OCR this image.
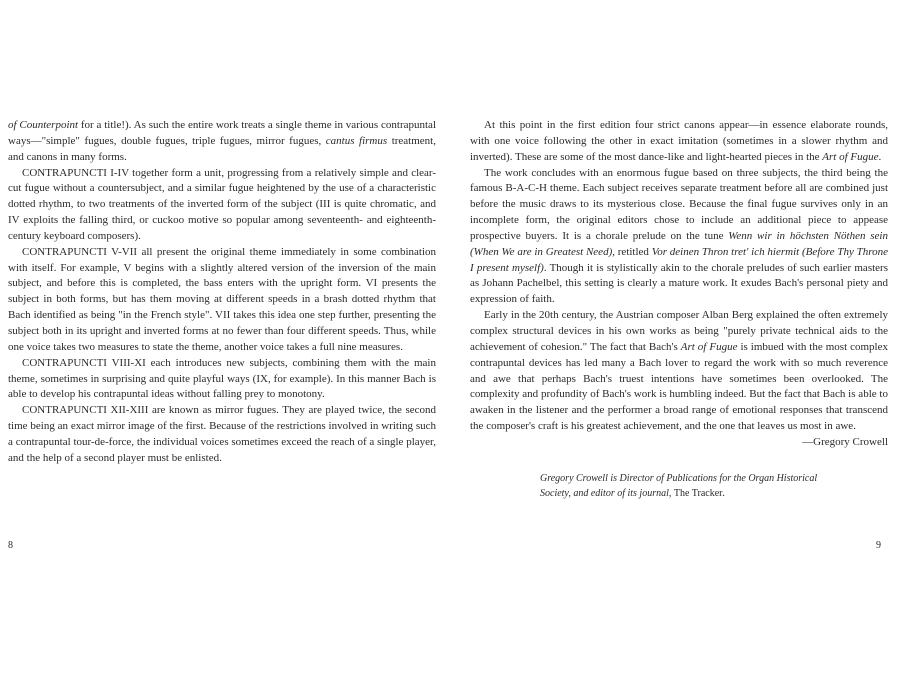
of Counterpoint for a title!). As such the entire work treats a single theme in various contrapuntal ways—"simple" fugues, double fugues, triple fugues, mirror fugues, cantus firmus treatment, and canons in many forms.

CONTRAPUNCTI I-IV together form a unit, progressing from a relatively simple and clear-cut fugue without a countersubject, and a similar fugue heightened by the use of a characteristic dotted rhythm, to two treatments of the inverted form of the subject (III is quite chromatic, and IV exploits the falling third, or cuckoo motive so popular among seventeenth- and eighteenth-century keyboard composers).

CONTRAPUNCTI V-VII all present the original theme immediately in some combination with itself. For example, V begins with a slightly altered version of the inversion of the main subject, and before this is completed, the bass enters with the upright form. VI presents the subject in both forms, but has them moving at different speeds in a brash dotted rhythm that Bach identified as being "in the French style". VII takes this idea one step further, presenting the subject both in its upright and inverted forms at no fewer than four different speeds. Thus, while one voice takes two measures to state the theme, another voice takes a full nine measures.

CONTRAPUNCTI VIII-XI each introduces new subjects, combining them with the main theme, sometimes in surprising and quite playful ways (IX, for example). In this manner Bach is able to develop his contrapuntal ideas without falling prey to monotony.

CONTRAPUNCTI XII-XIII are known as mirror fugues. They are played twice, the second time being an exact mirror image of the first. Because of the restrictions involved in writing such a contrapuntal tour-de-force, the individual voices sometimes exceed the reach of a single player, and the help of a second player must be enlisted.

At this point in the first edition four strict canons appear—in essence elaborate rounds, with one voice following the other in exact imitation (sometimes in a slower rhythm and inverted). These are some of the most dance-like and light-hearted pieces in the Art of Fugue.

The work concludes with an enormous fugue based on three subjects, the third being the famous B-A-C-H theme. Each subject receives separate treatment before all are combined just before the music draws to its mysterious close. Because the final fugue survives only in an incomplete form, the original editors chose to include an additional piece to appease prospective buyers. It is a chorale prelude on the tune Wenn wir in höchsten Nöthen sein (When We are in Greatest Need), retitled Vor deinen Thron tret' ich hiermit (Before Thy Throne I present myself). Though it is stylistically akin to the chorale preludes of such earlier masters as Johann Pachelbel, this setting is clearly a mature work. It exudes Bach's personal piety and expression of faith.

Early in the 20th century, the Austrian composer Alban Berg explained the often extremely complex structural devices in his own works as being "purely private technical aids to the achievement of cohesion." The fact that Bach's Art of Fugue is imbued with the most complex contrapuntal devices has led many a Bach lover to regard the work with so much reverence and awe that perhaps Bach's truest intentions have sometimes been overlooked. The complexity and profundity of Bach's work is humbling indeed. But the fact that Bach is able to awaken in the listener and the performer a broad range of emotional responses that transcend the composer's craft is his greatest achievement, and the one that leaves us most in awe.

—Gregory Crowell

Gregory Crowell is Director of Publications for the Organ Historical Society, and editor of its journal, The Tracker.
8	9
